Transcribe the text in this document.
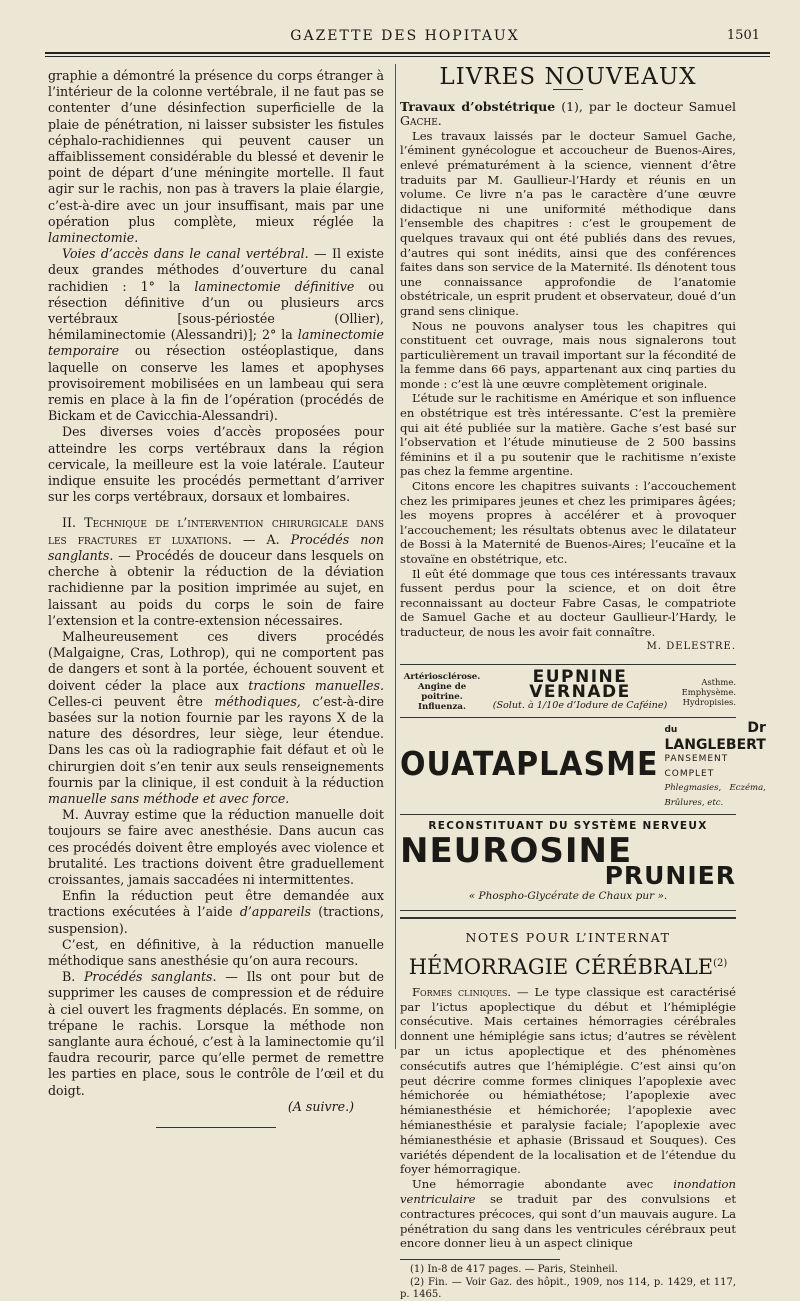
GAZETTE DES HOPITAUX	1501

graphie a démontré la présence du corps étranger à l’intérieur de la colonne vertébrale, il ne faut pas se contenter d’une désinfection superficielle de la plaie de pénétration, ni laisser subsister les fistules céphalo-rachidiennes qui peuvent causer un affaiblissement considérable du blessé et devenir le point de départ d’une méningite mortelle. Il faut agir sur le rachis, non pas à travers la plaie élargie, c’est-à-dire avec un jour insuffisant, mais par une opération plus complète, mieux réglée la laminectomie.

Voies d’accès dans le canal vertébral. — Il existe deux grandes méthodes d’ouverture du canal rachidien : 1° la laminectomie définitive ou résection définitive d’un ou plusieurs arcs vertébraux [sous-périostée (Ollier), hémilaminectomie (Alessandri)]; 2° la laminectomie temporaire ou résection ostéoplastique, dans laquelle on conserve les lames et apophyses provisoirement mobilisées en un lambeau qui sera remis en place à la fin de l’opération (procédés de Bickam et de Cavicchia-Alessandri).

Des diverses voies d’accès proposées pour atteindre les corps vertébraux dans la région cervicale, la meilleure est la voie latérale. L’auteur indique ensuite les procédés permettant d’arriver sur les corps vertébraux, dorsaux et lombaires.

II. Technique de l’intervention chirurgicale dans les fractures et luxations. — A. Procédés non sanglants. — Procédés de douceur dans lesquels on cherche à obtenir la réduction de la déviation rachidienne par la position imprimée au sujet, en laissant au poids du corps le soin de faire l’extension et la contre-extension nécessaires.

Malheureusement ces divers procédés (Malgaigne, Cras, Lothrop), qui ne comportent pas de dangers et sont à la portée, échouent souvent et doivent céder la place aux tractions manuelles. Celles-ci peuvent être méthodiques, c’est-à-dire basées sur la notion fournie par les rayons X de la nature des désordres, leur siège, leur étendue. Dans les cas où la radiographie fait défaut et où le chirurgien doit s’en tenir aux seuls renseignements fournis par la clinique, il est conduit à la réduction manuelle sans méthode et avec force.

M. Auvray estime que la réduction manuelle doit toujours se faire avec anesthésie. Dans aucun cas ces procédés doivent être employés avec violence et brutalité. Les tractions doivent être graduellement croissantes, jamais saccadées ni intermittentes.

Enfin la réduction peut être demandée aux tractions exécutées à l’aide d’appareils (tractions, suspension).

C’est, en définitive, à la réduction manuelle méthodique sans anesthésie qu’on aura recours.

B. Procédés sanglants. — Ils ont pour but de supprimer les causes de compression et de réduire à ciel ouvert les fragments déplacés. En somme, on trépane le rachis. Lorsque la méthode non sanglante aura échoué, c’est à la laminectomie qu’il faudra recourir, parce qu’elle permet de remettre les parties en place, sous le contrôle de l’œil et du doigt.

(A suivre.)

LIVRES NOUVEAUX

Travaux d’obstétrique (1), par le docteur Samuel Gache.

Les travaux laissés par le docteur Samuel Gache, l’éminent gynécologue et accoucheur de Buenos-Aires, enlevé prématurément à la science, viennent d’être traduits par M. Gaullieur-l’Hardy et réunis en un volume. Ce livre n’a pas le caractère d’une œuvre didactique ni une uniformité méthodique dans l’ensemble des chapitres : c’est le groupement de quelques travaux qui ont été publiés dans des revues, d’autres qui sont inédits, ainsi que des conférences faites dans son service de la Maternité. Ils dénotent tous une connaissance approfondie de l’anatomie obstétricale, un esprit prudent et observateur, doué d’un grand sens clinique.

Nous ne pouvons analyser tous les chapitres qui constituent cet ouvrage, mais nous signalerons tout particulièrement un travail important sur la fécondité de la femme dans 66 pays, appartenant aux cinq parties du monde : c’est là une œuvre complètement originale.

L’étude sur le rachitisme en Amérique et son influence en obstétrique est très intéressante. C’est la première qui ait été publiée sur la matière. Gache s’est basé sur l’observation et l’étude minutieuse de 2 500 bassins féminins et il a pu soutenir que le rachitisme n’existe pas chez la femme argentine.

Citons encore les chapitres suivants : l’accouchement chez les primipares jeunes et chez les primipares âgées; les moyens propres à accélérer et à provoquer l’accouchement; les résultats obtenus avec le dilatateur de Bossi à la Maternité de Buenos-Aires; l’eucaïne et la stovaïne en obstétrique, etc.

Il eût été dommage que tous ces intéressants travaux fussent perdus pour la science, et on doit être reconnaissant au docteur Fabre Casas, le compatriote de Samuel Gache et au docteur Gaullieur-l’Hardy, le traducteur, de nous les avoir fait connaître.

M. DELESTRE.
Artériosclérose.
Angine de poitrine.
Influenza.
EUPNINE VERNADE
(Solut. à 1/10e d’Iodure de Caféine)
Asthme.
Emphysème.
Hydropisies.
OUATAPLASME
du Dr LANGLEBERT
PANSEMENT COMPLET
Phlegmasies, Eczéma, Brûlures, etc.
RECONSTITUANT DU SYSTÈME NERVEUX
NEUROSINE
PRUNIER
« Phospho-Glycérate de Chaux pur ».
NOTES POUR L’INTERNAT
HÉMORRAGIE CÉRÉBRALE$^{(2)}$

Formes cliniques. — Le type classique est caractérisé par l’ictus apoplectique du début et l’hémiplégie consécutive. Mais certaines hémorragies cérébrales donnent une hémiplégie sans ictus; d’autres se révèlent par un ictus apoplectique et des phénomènes consécutifs autres que l’hémiplégie. C’est ainsi qu’on peut décrire comme formes cliniques l’apoplexie avec hémichorée ou hémiathétose; l’apoplexie avec hémianesthésie et hémichorée; l’apoplexie avec hémianesthésie et paralysie faciale; l’apoplexie avec hémianesthésie et aphasie (Brissaud et Souques). Ces variétés dépendent de la localisation et de l’étendue du foyer hémorragique.

Une hémorragie abondante avec inondation ventriculaire se traduit par des convulsions et contractures précoces, qui sont d’un mauvais augure. La pénétration du sang dans les ventricules cérébraux peut encore donner lieu à un aspect clinique

(1) In-8 de 417 pages. — Paris, Steinheil.
(2) Fin. — Voir Gaz. des hôpit., 1909, nos 114, p. 1429, et 117, p. 1465.
